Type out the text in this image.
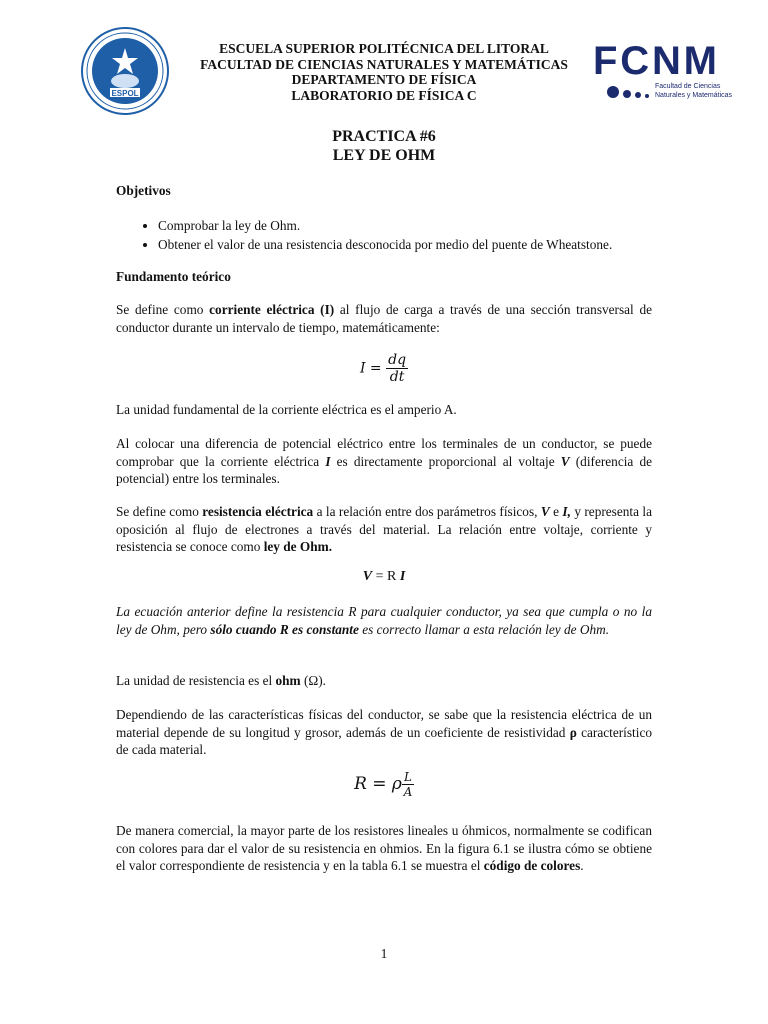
ESPOL
FCNM
Facultad de Ciencias
Naturales y Matemáticas
ESCUELA SUPERIOR POLITÉCNICA DEL LITORAL
FACULTAD DE CIENCIAS NATURALES Y MATEMÁTICAS
DEPARTAMENTO DE FÍSICA
LABORATORIO DE FÍSICA C
PRACTICA #6
LEY DE OHM
Objetivos
• Comprobar la ley de Ohm.
• Obtener el valor de una resistencia desconocida por medio del puente de Wheatstone.
Fundamento teórico
Se define como corriente eléctrica (I) al flujo de carga a través de una sección transversal de conductor durante un intervalo de tiempo, matemáticamente:
$I = \frac{dq}{dt}$
La unidad fundamental de la corriente eléctrica es el amperio A.
Al colocar una diferencia de potencial eléctrico entre los terminales de un conductor, se puede comprobar que la corriente eléctrica I es directamente proporcional al voltaje V (diferencia de potencial) entre los terminales.
Se define como resistencia eléctrica a la relación entre dos parámetros físicos, V e I, y representa la oposición al flujo de electrones a través del material. La relación entre voltaje, corriente y resistencia se conoce como ley de Ohm.
V = R I
La ecuación anterior define la resistencia R para cualquier conductor, ya sea que cumpla o no la ley de Ohm, pero sólo cuando R es constante es correcto llamar a esta relación ley de Ohm.
La unidad de resistencia es el ohm (Ω).
Dependiendo de las características físicas del conductor, se sabe que la resistencia eléctrica de un material depende de su longitud y grosor, además de un coeficiente de resistividad ρ característico de cada material.
R = ρ $\frac{L}{A}$
De manera comercial, la mayor parte de los resistores lineales u óhmicos, normalmente se codifican con colores para dar el valor de su resistencia en ohmios. En la figura 6.1 se ilustra cómo se obtiene el valor correspondiente de resistencia y en la tabla 6.1 se muestra el código de colores.
1
